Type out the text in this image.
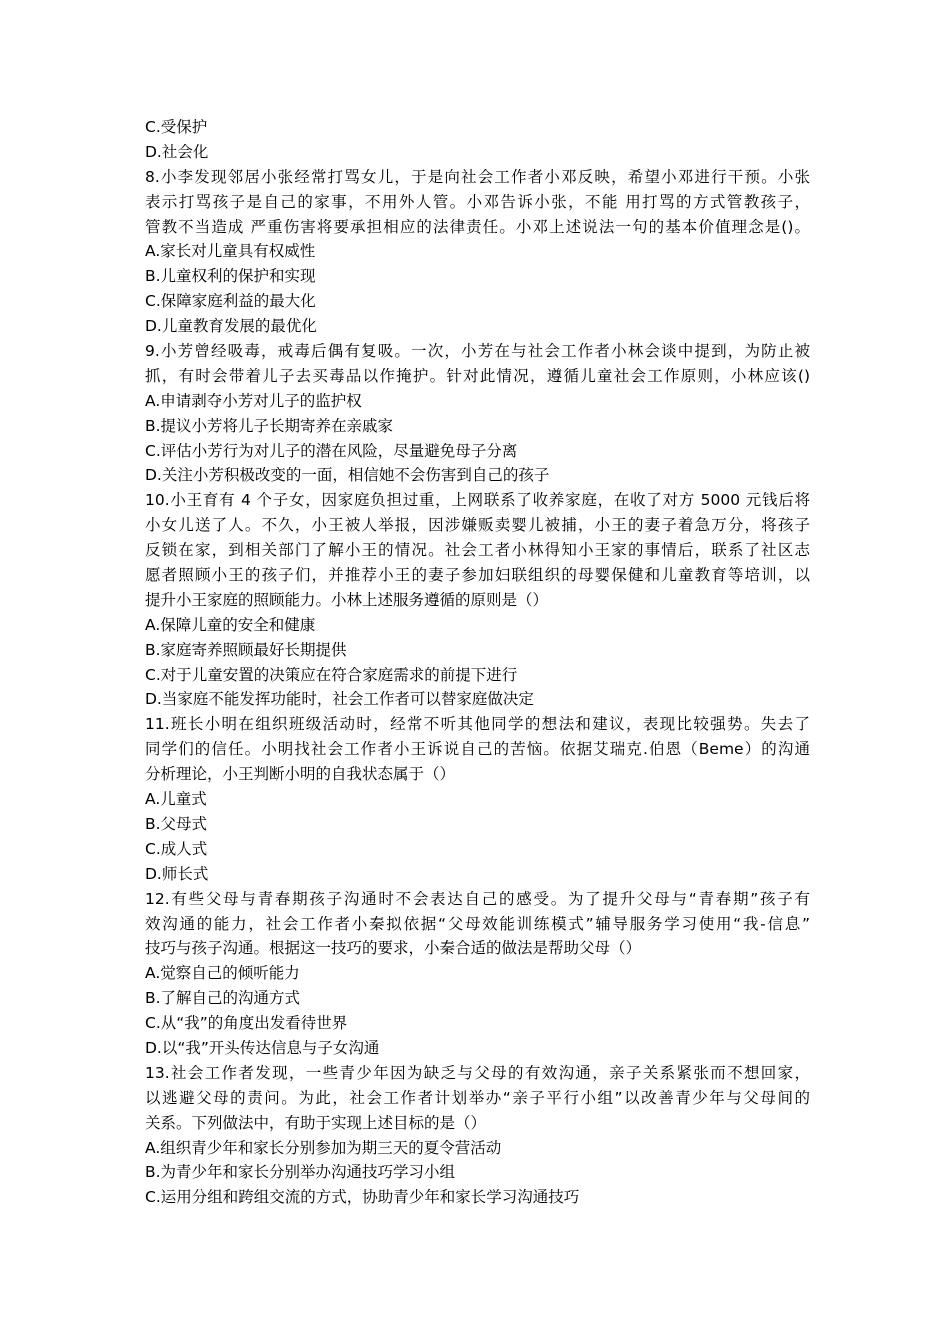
C.受保护
D.社会化
8.小李发现邻居小张经常打骂女儿，于是向社会工作者小邓反映，希望小邓进行干预。小张
表示打骂孩子是自己的家事，不用外人管。小邓告诉小张，不能 用打骂的方式管教孩子，
管教不当造成 严重伤害将要承担相应的法律责任。小邓上述说法一句的基本价值理念是()。
A.家长对儿童具有权威性
B.儿童权利的保护和实现
C.保障家庭利益的最大化
D.儿童教育发展的最优化
9.小芳曾经吸毒，戒毒后偶有复吸。一次，小芳在与社会工作者小林会谈中提到，为防止被
抓，有时会带着儿子去买毒品以作掩护。针对此情况，遵循儿童社会工作原则，小林应该()
A.申请剥夺小芳对儿子的监护权
B.提议小芳将儿子长期寄养在亲戚家
C.评估小芳行为对儿子的潜在风险，尽量避免母子分离
D.关注小芳积极改变的一面，相信她不会伤害到自己的孩子
10.小王育有 4 个子女，因家庭负担过重，上网联系了收养家庭，在收了对方 5000 元钱后将
小女儿送了人。不久，小王被人举报，因涉嫌贩卖婴儿被捕，小王的妻子着急万分，将孩子
反锁在家，到相关部门了解小王的情况。社会工者小林得知小王家的事情后，联系了社区志
愿者照顾小王的孩子们，并推荐小王的妻子参加妇联组织的母婴保健和儿童教育等培训，以
提升小王家庭的照顾能力。小林上述服务遵循的原则是（）
A.保障儿童的安全和健康
B.家庭寄养照顾最好长期提供
C.对于儿童安置的决策应在符合家庭需求的前提下进行
D.当家庭不能发挥功能时，社会工作者可以替家庭做决定
11.班长小明在组织班级活动时，经常不听其他同学的想法和建议，表现比较强势。失去了
同学们的信任。小明找社会工作者小王诉说自己的苦恼。依据艾瑞克.伯恩（Beme）的沟通
分析理论，小王判断小明的自我状态属于（）
A.儿童式
B.父母式
C.成人式
D.师长式
12.有些父母与青春期孩子沟通时不会表达自己的感受。为了提升父母与“青春期”孩子有
效沟通的能力，社会工作者小秦拟依据“父母效能训练模式”辅导服务学习使用“我-信息”
技巧与孩子沟通。根据这一技巧的要求，小秦合适的做法是帮助父母（）
A.觉察自己的倾听能力
B.了解自己的沟通方式
C.从“我”的角度出发看待世界
D.以“我”开头传达信息与子女沟通
13.社会工作者发现，一些青少年因为缺乏与父母的有效沟通，亲子关系紧张而不想回家，
以逃避父母的责问。为此，社会工作者计划举办“亲子平行小组”以改善青少年与父母间的
关系。下列做法中，有助于实现上述目标的是（）
A.组织青少年和家长分别参加为期三天的夏令营活动
B.为青少年和家长分别举办沟通技巧学习小组
C.运用分组和跨组交流的方式，协助青少年和家长学习沟通技巧
